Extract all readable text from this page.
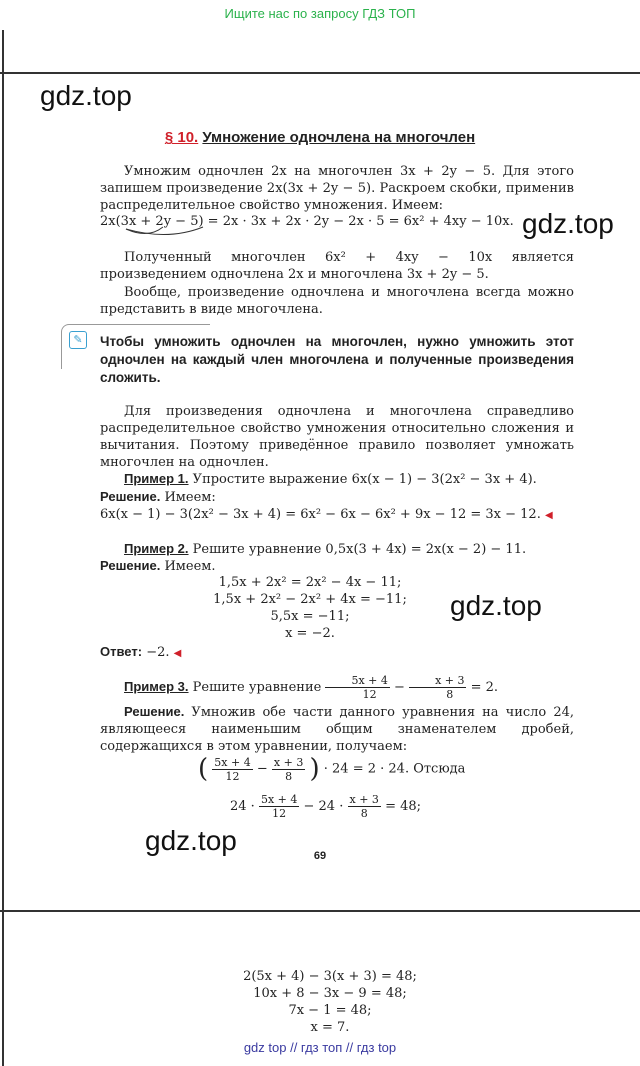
Ищите нас по запросу ГДЗ ТОП
gdz.top
gdz.top
gdz.top
gdz.top
§ 10. Умножение одночлена на многочлен
Умножим одночлен 2x на многочлен 3x + 2y − 5. Для этого запишем произведение 2x(3x + 2y − 5). Раскроем скобки, применив распределительное свойство умножения. Имеем:
2x(3x + 2y − 5) = 2x · 3x + 2x · 2y − 2x · 5 = 6x² + 4xy − 10x.
Полученный многочлен 6x² + 4xy − 10x является произведением одночлена 2x и многочлена 3x + 2y − 5.
Вообще, произведение одночлена и многочлена всегда можно представить в виде многочлена.
✎	Чтобы умножить одночлен на многочлен, нужно умножить этот одночлен на каждый член многочлена и полученные произведения сложить.
Для произведения одночлена и многочлена справедливо распределительное свойство умножения относительно сложения и вычитания. Поэтому приведённое правило позволяет умножать многочлен на одночлен.
Пример 1. Упростите выражение 6x(x − 1) − 3(2x² − 3x + 4).
Решение. Имеем:
6x(x − 1) − 3(2x² − 3x + 4) = 6x² − 6x − 6x² + 9x − 12 = 3x − 12. ◀
Пример 2. Решите уравнение 0,5x(3 + 4x) = 2x(x − 2) − 11.
Решение. Имеем.
1,5x + 2x² = 2x² − 4x − 11;
1,5x + 2x² − 2x² + 4x = −11;
5,5x = −11;
x = −2.
Ответ: −2. ◀
Пример 3. Решите уравнение $\frac{5x + 4}{12} - \frac{x + 3}{8} = 2$.
Решение. Умножив обе части данного уравнения на число 24, являющееся наименьшим общим знаменателем дробей, содержащихся в этом уравнении, получаем:
( $\frac{5x + 4}{12} - \frac{x + 3}{8}$ ) · 24 = 2 · 24. Отсюда
$24 \cdot \frac{5x + 4}{12} - 24 \cdot \frac{x + 3}{8} = 48$;
69
2(5x + 4) − 3(x + 3) = 48;
10x + 8 − 3x − 9 = 48;
7x − 1 = 48;
x = 7.
gdz top // гдз топ // гдз top
